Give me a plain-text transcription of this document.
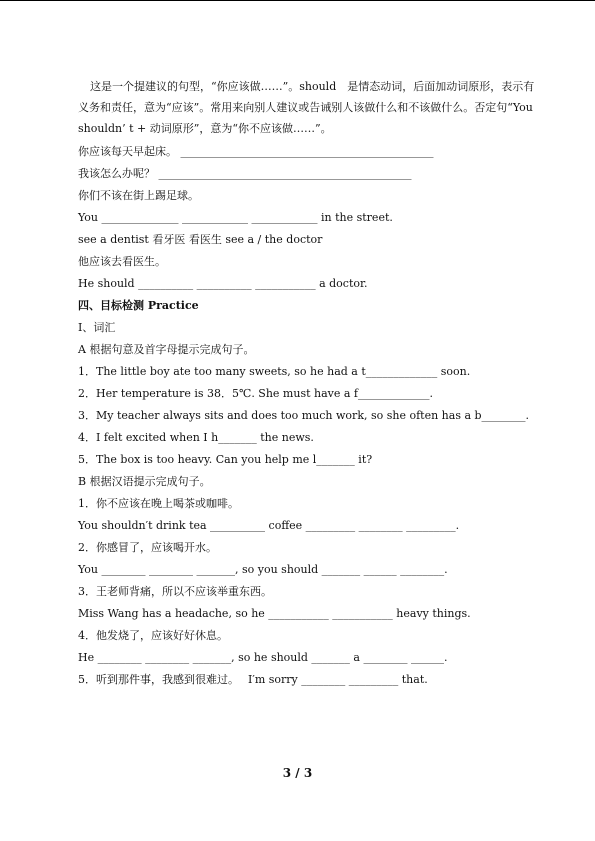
这是一个提建议的句型，“你应该做……”。should　是情态动词，后面加动词原形，表示有义务和责任，意为“应该”。常用来向别人建议或告诫别人该做什么和不该做什么。否定句“You shouldn’ t + 动词原形”，意为“你不应该做……”。

你应该每天早起床。 ______________________________________________
我该怎么办呢？ ______________________________________________
你们不该在街上踢足球。
You ______________ ____________ ____________ in the street.
see a dentist 看牙医 看医生 see a / the doctor
他应该去看医生。
He should __________ __________ ___________ a doctor.
四、目标检测 Practice
Ⅰ、词汇
A 根据句意及首字母提示完成句子。
1．The little boy ate too many sweets, so he had a t_____________ soon.
2．Her temperature is 38．5℃. She must have a f_____________.
3．My teacher always sits and does too much work, so she often has a b________.
4．I felt excited when I h_______ the news.
5．The box is too heavy. Can you help me l_______ it?
B 根据汉语提示完成句子。
1．你不应该在晚上喝茶或咖啡。
You shouldn′t drink tea __________ coffee _________ ________ _________.
2．你感冒了，应该喝开水。
You ________ ________ _______, so you should _______ ______ ________.
3．王老师背痛，所以不应该举重东西。
Miss Wang has a headache, so he ___________ ___________ heavy things.
4．他发烧了，应该好好休息。
He ________ ________ _______, so he should _______ a ________ ______.
5．听到那件事，我感到很难过。　 I′m sorry ________ _________ that.
3 / 3
